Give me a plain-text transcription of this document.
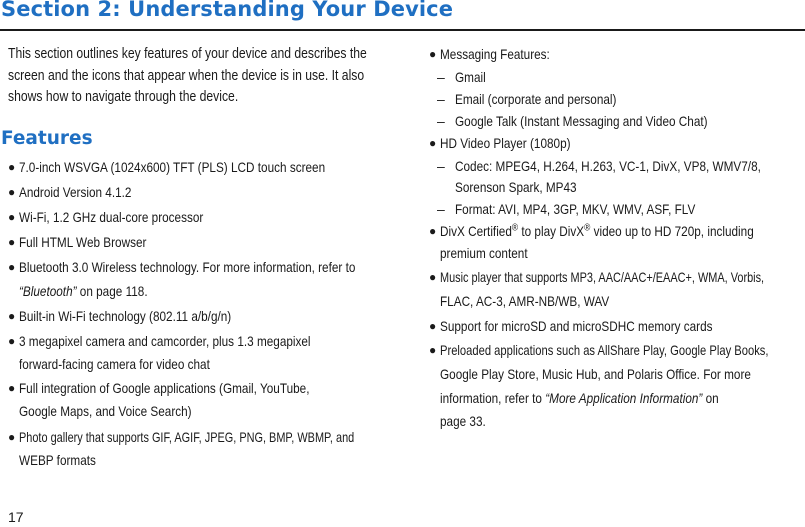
Section 2: Understanding Your Device

This section outlines key features of your device and describes the screen and the icons that appear when the device is in use. It also shows how to navigate through the device.

Features
● 7.0-inch WSVGA (1024x600) TFT (PLS) LCD touch screen
● Android Version 4.1.2
● Wi-Fi, 1.2 GHz dual-core processor
● Full HTML Web Browser
● Bluetooth 3.0 Wireless technology. For more information, refer to
“Bluetooth” on page 118.
● Built-in Wi-Fi technology (802.11 a/b/g/n)
● 3 megapixel camera and camcorder, plus 1.3 megapixel
forward-facing camera for video chat
● Full integration of Google applications (Gmail, YouTube,
Google Maps, and Voice Search)
● Photo gallery that supports GIF, AGIF, JPEG, PNG, BMP, WBMP, and
WEBP formats
● Messaging Features:
– Gmail
– Email (corporate and personal)
– Google Talk (Instant Messaging and Video Chat)
● HD Video Player (1080p)
– Codec: MPEG4, H.264, H.263, VC-1, DivX, VP8, WMV7/8,
Sorenson Spark, MP43
– Format: AVI, MP4, 3GP, MKV, WMV, ASF, FLV
● DivX Certified® to play DivX® video up to HD 720p, including
premium content
● Music player that supports MP3, AAC/AAC+/EAAC+, WMA, Vorbis,
FLAC, AC-3, AMR-NB/WB, WAV
● Support for microSD and microSDHC memory cards
● Preloaded applications such as AllShare Play, Google Play Books,
Google Play Store, Music Hub, and Polaris Office. For more
information, refer to “More Application Information” on
page 33.

17
